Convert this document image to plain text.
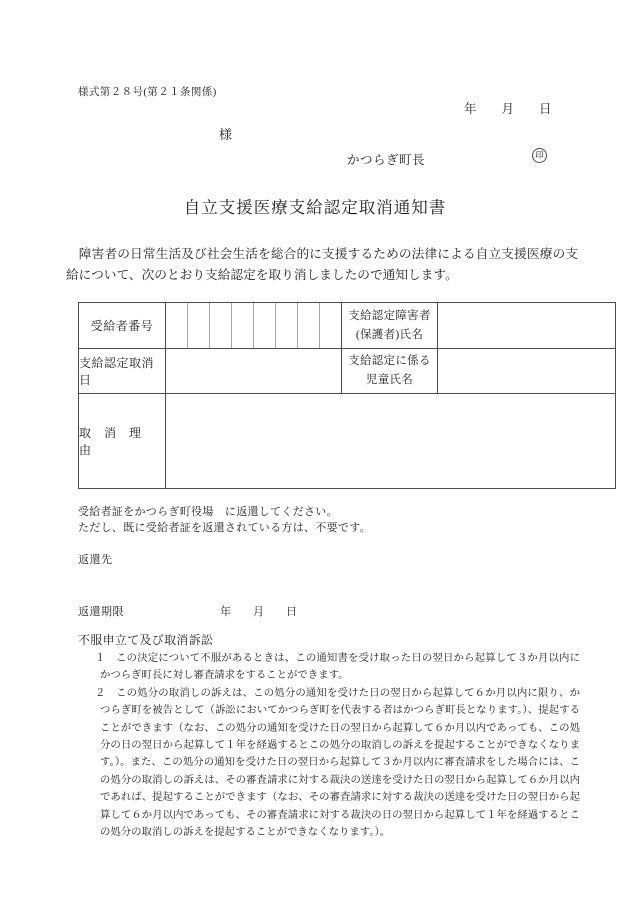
様式第２８号(第２１条関係)
年　　月　　日
様
かつらぎ町長	印
自立支援医療支給認定取消通知書
　障害者の日常生活及び社会生活を総合的に支援するための法律による自立支援医療の支給について、次のとおり支給認定を取り消しましたので通知します。
受給者番号
支給認定障害者
(保護者)氏名
支給認定取消日
支給認定に係る
児童氏名
取　消　理　由
受給者証をかつらぎ町役場　に返還してください。
ただし、既に受給者証を返還されている方は、不要です。
返還先
返還期限	年　　月　　日
不服申立て及び取消訴訟
１　この決定について不服があるときは、この通知書を受け取った日の翌日から起算して３か月以内にかつらぎ町長に対し審査請求をすることができます。
２　この処分の取消しの訴えは、この処分の通知を受けた日の翌日から起算して６か月以内に限り、かつらぎ町を被告として（訴訟においてかつらぎ町を代表する者はかつらぎ町長となります。）、提起することができます（なお、この処分の通知を受けた日の翌日から起算して６か月以内であっても、この処分の日の翌日から起算して１年を経過するとこの処分の取消しの訴えを提起することができなくなります。）。また、この処分の通知を受けた日の翌日から起算して３か月以内に審査請求をした場合には、この処分の取消しの訴えは、その審査請求に対する裁決の送達を受けた日の翌日から起算して６か月以内であれば、提起することができます（なお、その審査請求に対する裁決の送達を受けた日の翌日から起算して６か月以内であっても、その審査請求に対する裁決の日の翌日から起算して１年を経過するとこの処分の取消しの訴えを提起することができなくなります。）。
